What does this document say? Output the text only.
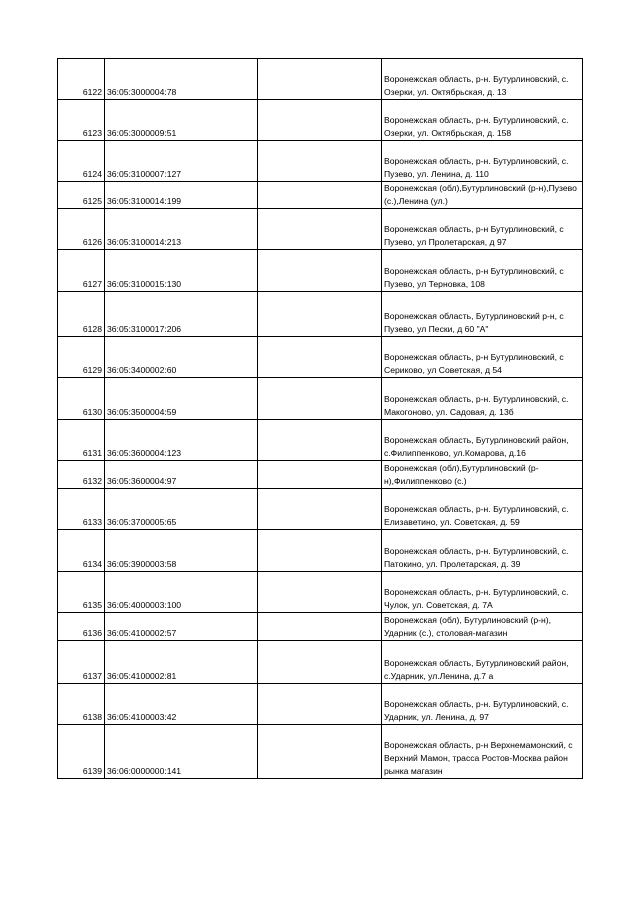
6122	36:05:3000004:78		Воронежская область, р-н. Бутурлиновский, с. Озерки, ул. Октябрьская, д. 13
6123	36:05:3000009:51		Воронежская область, р-н. Бутурлиновский, с. Озерки, ул. Октябрьская, д. 158
6124	36:05:3100007:127		Воронежская область, р-н. Бутурлиновский, с. Пузево, ул. Ленина, д. 110
6125	36:05:3100014:199		Воронежская (обл),Бутурлиновский (р-н),Пузево (с.),Ленина (ул.)
6126	36:05:3100014:213		Воронежская область, р-н Бутурлиновский, с Пузево, ул Пролетарская, д 97
6127	36:05:3100015:130		Воронежская область, р-н Бутурлиновский, с Пузево, ул Терновка, 108
6128	36:05:3100017:206		Воронежская область, Бутурлиновский р-н, с Пузево, ул Пески, д 60 "А"
6129	36:05:3400002:60		Воронежская область, р-н Бутурлиновский, с Сериково, ул Советская, д 54
6130	36:05:3500004:59		Воронежская область, р-н. Бутурлиновский, с. Макогоново, ул. Садовая, д. 13б
6131	36:05:3600004:123		Воронежская область, Бутурлиновский район, с.Филиппенково, ул.Комарова, д.16
6132	36:05:3600004:97		Воронежская (обл),Бутурлиновский (р-н),Филиппенково (с.)
6133	36:05:3700005:65		Воронежская область, р-н. Бутурлиновский, с. Елизаветино, ул. Советская, д. 59
6134	36:05:3900003:58		Воронежская область, р-н. Бутурлиновский, с. Патокино, ул. Пролетарская, д. 39
6135	36:05:4000003:100		Воронежская область, р-н. Бутурлиновский, с. Чулок, ул. Советская, д. 7А
6136	36:05:4100002:57		Воронежская (обл), Бутурлиновский (р-н), Ударник (с.), столовая-магазин
6137	36:05:4100002:81		Воронежская область, Бутурлиновский район, с.Ударник, ул.Ленина, д.7 а
6138	36:05:4100003:42		Воронежская область, р-н. Бутурлиновский, с. Ударник, ул. Ленина, д. 97
6139	36:06:0000000:141		Воронежская область, р-н Верхнемамонский, с Верхний Мамон, трасса Ростов-Москва район рынка магазин
